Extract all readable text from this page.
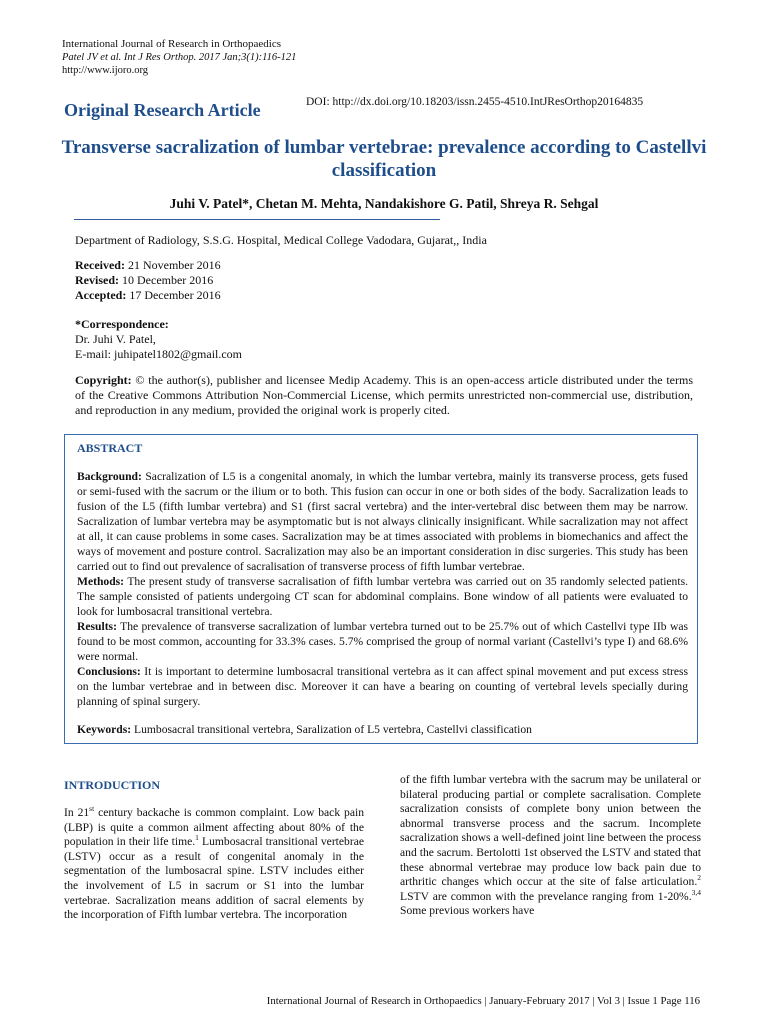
International Journal of Research in Orthopaedics
Patel JV et al. Int J Res Orthop. 2017 Jan;3(1):116-121
http://www.ijoro.org
Original Research Article	DOI: http://dx.doi.org/10.18203/issn.2455-4510.IntJResOrthop20164835
Transverse sacralization of lumbar vertebrae: prevalence according to Castellvi classification
Juhi V. Patel*, Chetan M. Mehta, Nandakishore G. Patil, Shreya R. Sehgal
Department of Radiology, S.S.G. Hospital, Medical College Vadodara, Gujarat,, India
Received: 21 November 2016
Revised: 10 December 2016
Accepted: 17 December 2016
*Correspondence:
Dr. Juhi V. Patel,
E-mail: juhipatel1802@gmail.com
Copyright: © the author(s), publisher and licensee Medip Academy. This is an open-access article distributed under the terms of the Creative Commons Attribution Non-Commercial License, which permits unrestricted non-commercial use, distribution, and reproduction in any medium, provided the original work is properly cited.
ABSTRACT
Background: Sacralization of L5 is a congenital anomaly, in which the lumbar vertebra, mainly its transverse process, gets fused or semi-fused with the sacrum or the ilium or to both. This fusion can occur in one or both sides of the body. Sacralization leads to fusion of the L5 (fifth lumbar vertebra) and S1 (first sacral vertebra) and the inter-vertebral disc between them may be narrow. Sacralization of lumbar vertebra may be asymptomatic but is not always clinically insignificant. While sacralization may not affect at all, it can cause problems in some cases. Sacralization may be at times associated with problems in biomechanics and affect the ways of movement and posture control. Sacralization may also be an important consideration in disc surgeries. This study has been carried out to find out prevalence of sacralisation of transverse process of fifth lumbar vertebrae.
Methods: The present study of transverse sacralisation of fifth lumbar vertebra was carried out on 35 randomly selected patients. The sample consisted of patients undergoing CT scan for abdominal complains. Bone window of all patients were evaluated to look for lumbosacral transitional vertebra.
Results: The prevalence of transverse sacralization of lumbar vertebra turned out to be 25.7% out of which Castellvi type IIb was found to be most common, accounting for 33.3% cases. 5.7% comprised the group of normal variant (Castellvi’s type I) and 68.6% were normal.
Conclusions: It is important to determine lumbosacral transitional vertebra as it can affect spinal movement and put excess stress on the lumbar vertebrae and in between disc. Moreover it can have a bearing on counting of vertebral levels specially during planning of spinal surgery.
Keywords: Lumbosacral transitional vertebra, Saralization of L5 vertebra, Castellvi classification
INTRODUCTION
In 21st century backache is common complaint. Low back pain (LBP) is quite a common ailment affecting about 80% of the population in their life time.$^1$ Lumbosacral transitional vertebrae (LSTV) occur as a result of congenital anomaly in the segmentation of the lumbosacral spine. LSTV includes either the involvement of L5 in sacrum or S1 into the lumbar vertebrae. Sacralization means addition of sacral elements by the incorporation of Fifth lumbar vertebra. The incorporation
of the fifth lumbar vertebra with the sacrum may be unilateral or bilateral producing partial or complete sacralisation. Complete sacralization consists of complete bony union between the abnormal transverse process and the sacrum. Incomplete sacralization shows a well-defined joint line between the process and the sacrum. Bertolotti 1st observed the LSTV and stated that these abnormal vertebrae may produce low back pain due to arthritic changes which occur at the site of false articulation.$^2$ LSTV are common with the prevelance ranging from 1-20%.$^{3,4}$ Some previous workers have
International Journal of Research in Orthopaedics | January-February 2017 | Vol 3 | Issue 1 Page 116
